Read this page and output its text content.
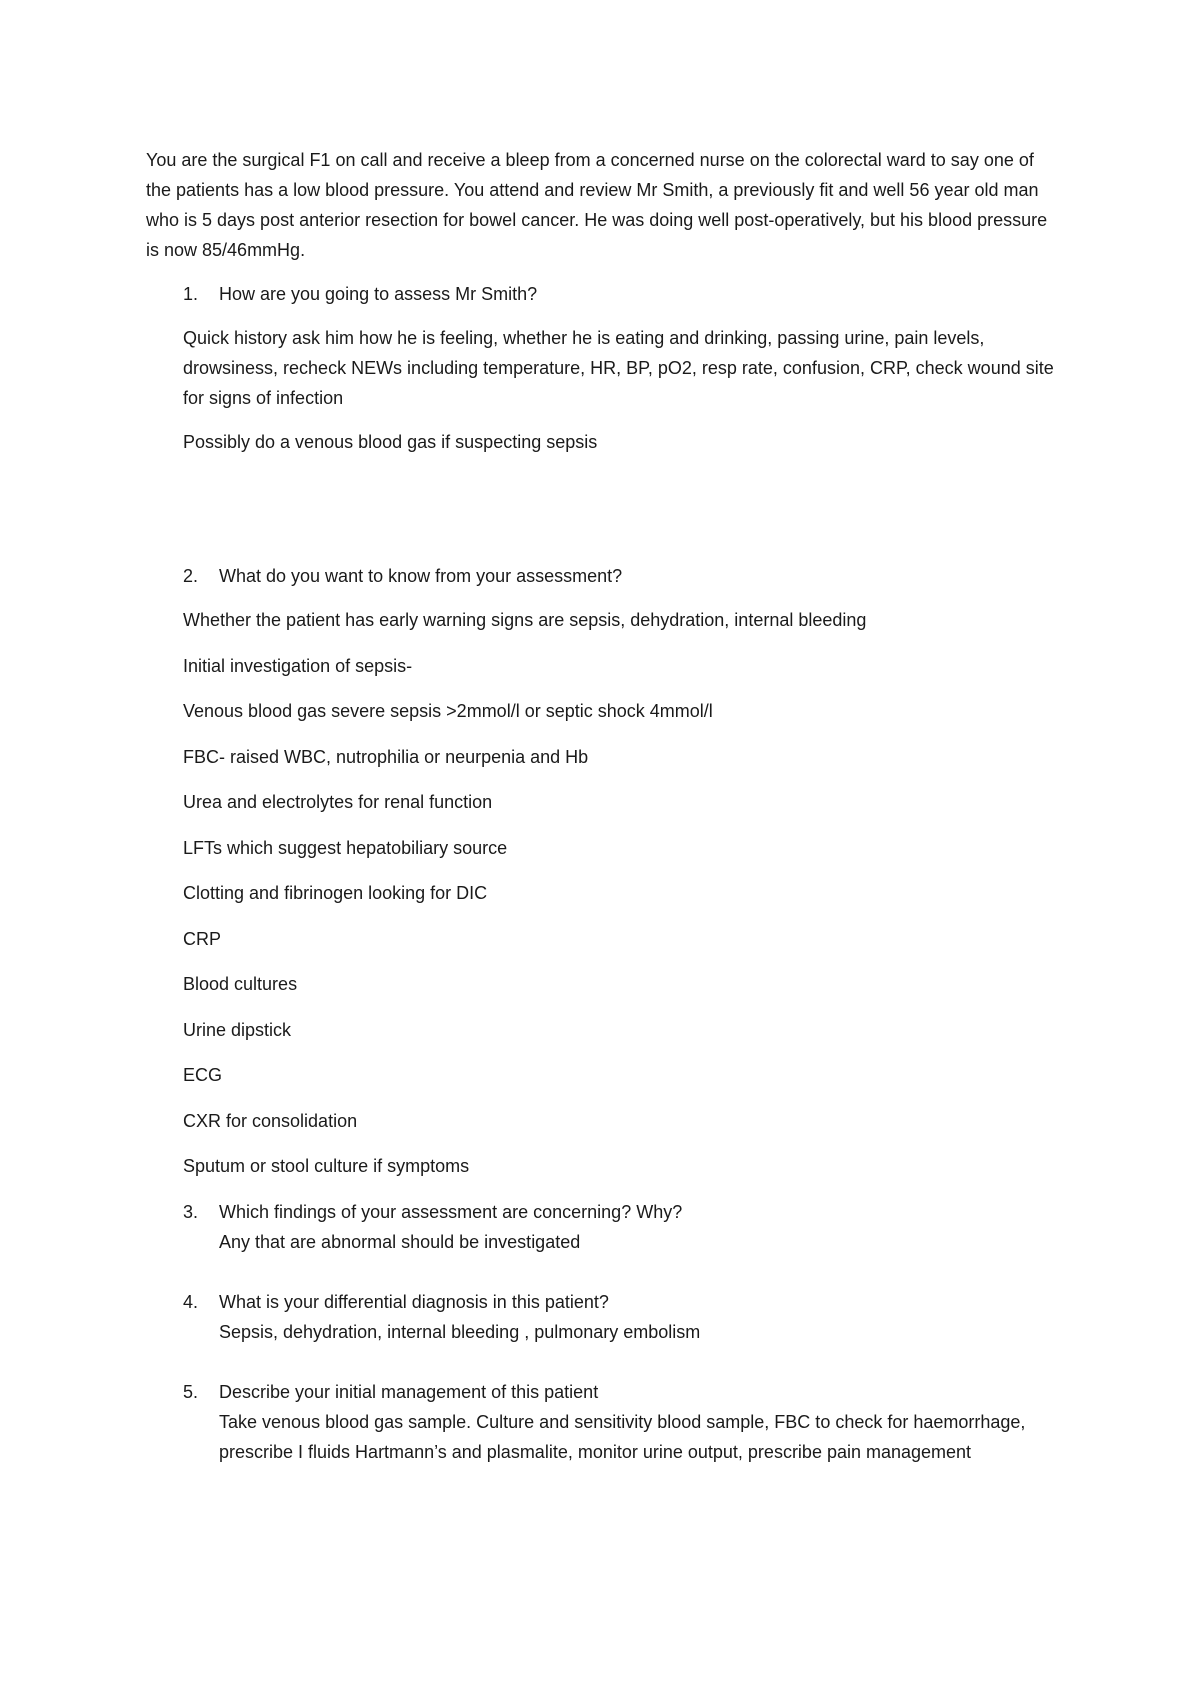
You are the surgical F1 on call and receive a bleep from a concerned nurse on the colorectal ward to say one of the patients has a low blood pressure. You attend and review Mr Smith, a previously fit and well 56 year old man who is 5 days post anterior resection for bowel cancer. He was doing well post-operatively, but his blood pressure is now 85/46mmHg.

1.	How are you going to assess Mr Smith?

Quick history ask him how he is feeling, whether he is eating and drinking, passing urine, pain levels, drowsiness, recheck NEWs including temperature, HR, BP, pO2, resp rate, confusion, CRP, check wound site for signs of infection

Possibly do a venous blood gas if suspecting sepsis

2.	What do you want to know from your assessment?
Whether the patient has early warning signs are sepsis, dehydration, internal bleeding
Initial investigation of sepsis-
Venous blood gas severe sepsis >2mmol/l or septic shock 4mmol/l
FBC- raised WBC, nutrophilia or neurpenia and Hb
Urea and electrolytes for renal function
LFTs which suggest hepatobiliary source
Clotting and fibrinogen looking for DIC
CRP
Blood cultures
Urine dipstick
ECG
CXR for consolidation
Sputum or stool culture if symptoms
3.	Which findings of your assessment are concerning? Why?
Any that are abnormal should be investigated
4.	What is your differential diagnosis in this patient?
Sepsis, dehydration, internal bleeding , pulmonary embolism
5.	Describe your initial management of this patient
Take venous blood gas sample. Culture and sensitivity blood sample, FBC to check for haemorrhage, prescribe I fluids Hartmann’s and plasmalite, monitor urine output, prescribe pain management
